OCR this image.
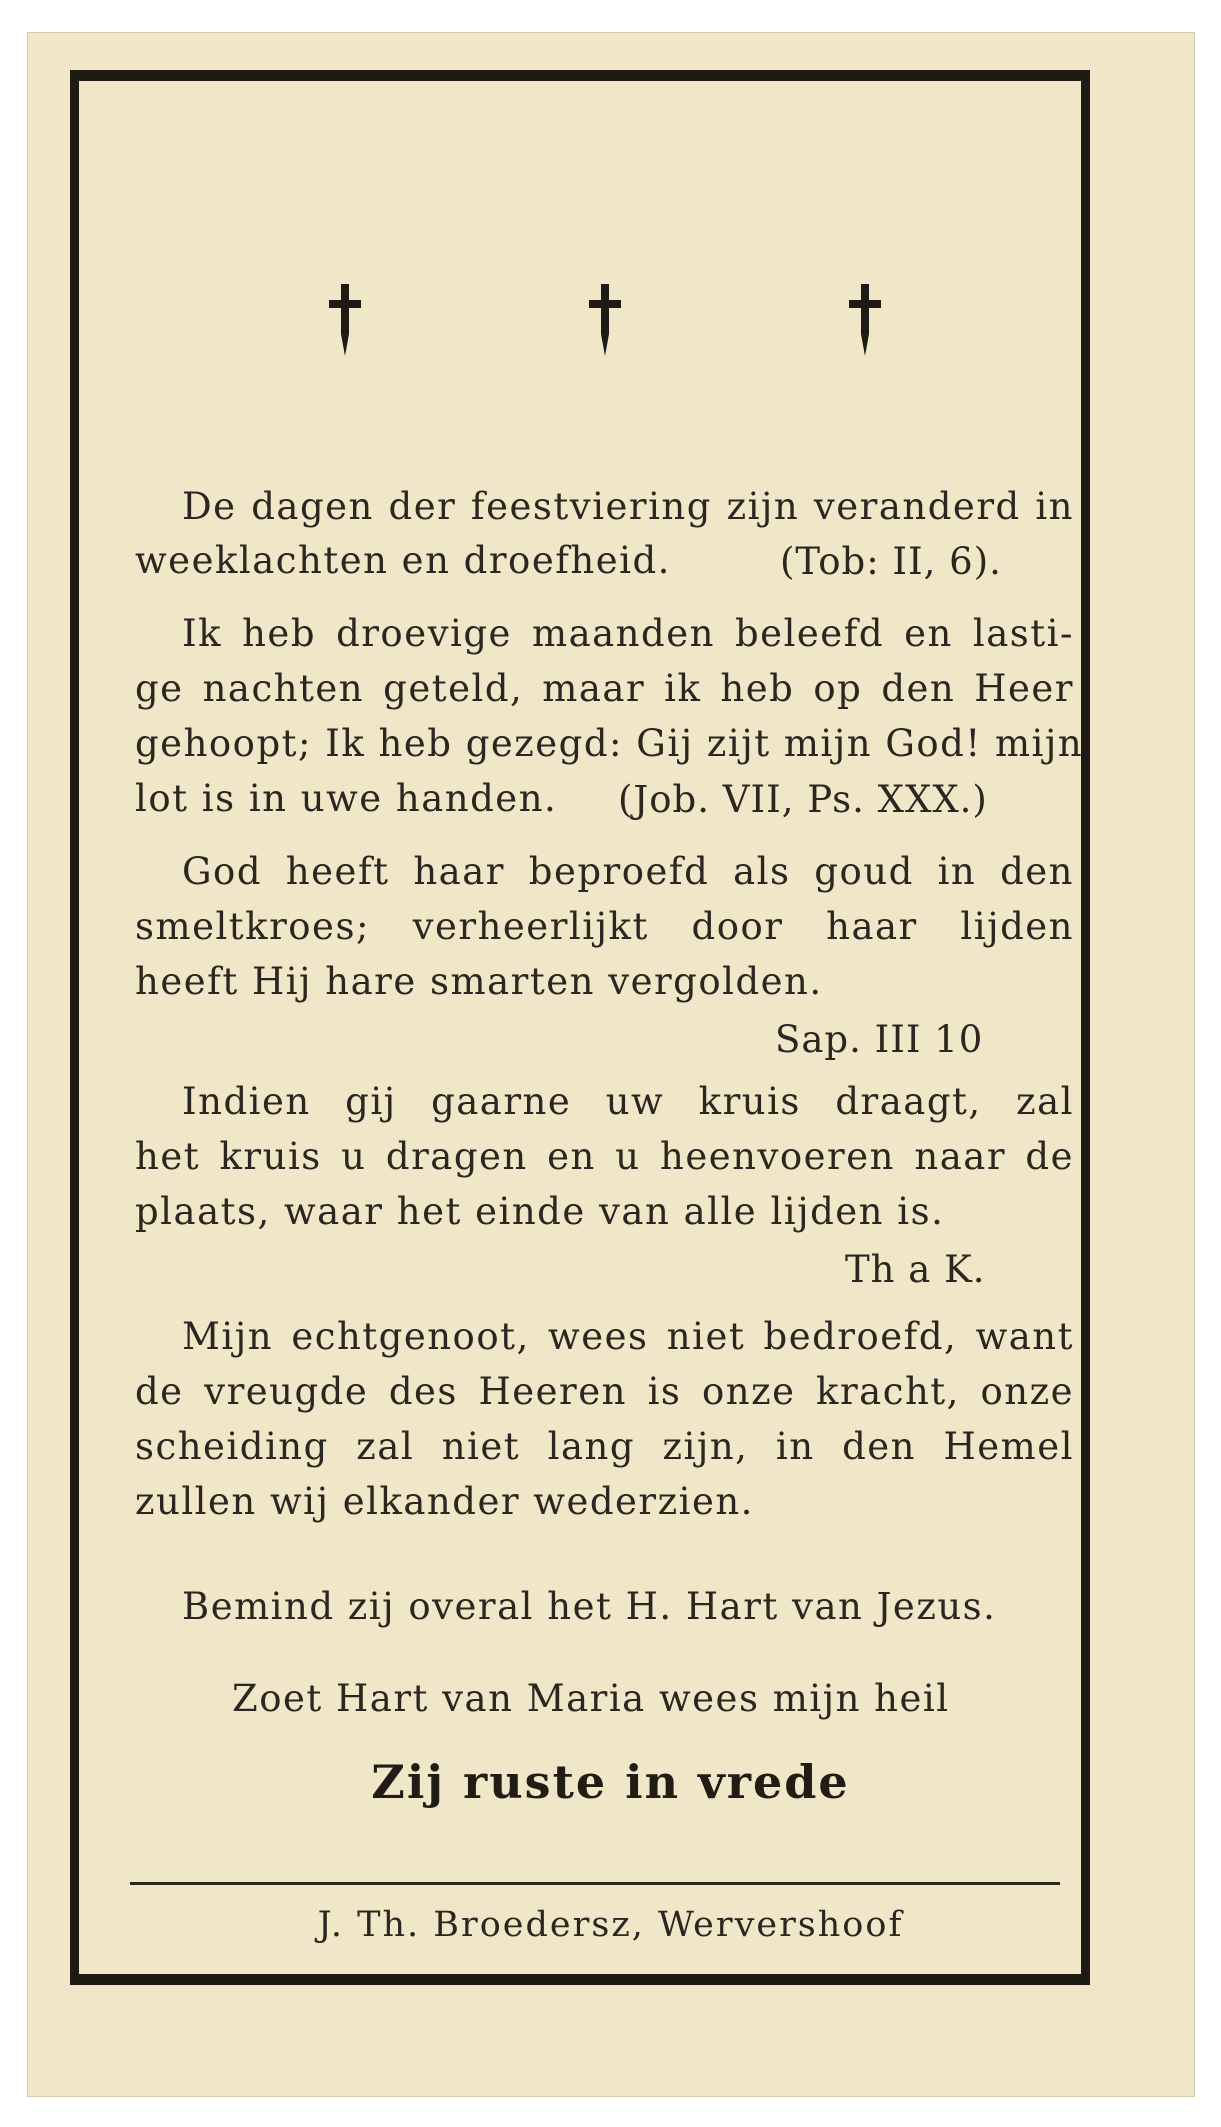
De dagen der feestviering zijn veranderd in
weeklachten en droefheid.	(Tob: II, 6).
Ik heb droevige maanden beleefd en lasti-
ge nachten geteld, maar ik heb op den Heer
gehoopt; Ik heb gezegd: Gij zijt mijn God! mijn
lot is in uwe handen. (Job. VII, Ps. XXX.)
God heeft haar beproefd als goud in den
smeltkroes; verheerlijkt door haar lijden
heeft Hij hare smarten vergolden.
Sap. III 10
Indien gij gaarne uw kruis draagt, zal
het kruis u dragen en u heenvoeren naar de
plaats, waar het einde van alle lijden is.
Th a K.
Mijn echtgenoot, wees niet bedroefd, want
de vreugde des Heeren is onze kracht, onze
scheiding zal niet lang zijn, in den Hemel
zullen wij elkander wederzien.
Bemind zij overal het H. Hart van Jezus.
Zoet Hart van Maria wees mijn heil
Zij ruste in vrede
J. Th. Broedersz, Wervershoof
